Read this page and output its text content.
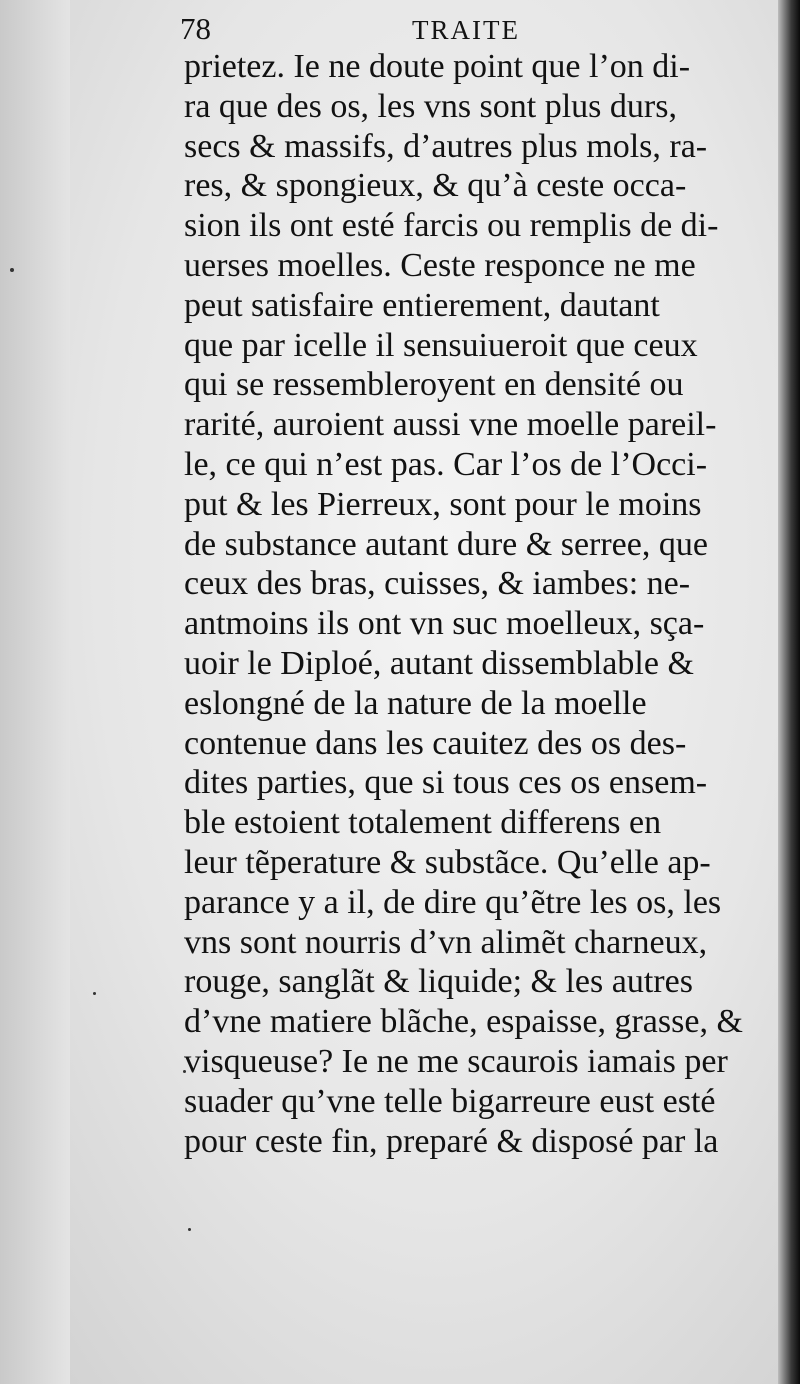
78	TRAITE
prietez. Ie ne doute point que l’on di-
ra que des os, les vns sont plus durs,
secs & massifs, d’autres plus mols, ra-
res, & spongieux, & qu’à ceste occa-
sion ils ont esté farcis ou remplis de di-
uerses moelles. Ceste responce ne me
peut satisfaire entierement, dautant
que par icelle il sensuiueroit que ceux
qui se ressembleroyent en densité ou
rarité, auroient aussi vne moelle pareil-
le, ce qui n’est pas. Car l’os de l’Occi-
put & les Pierreux, sont pour le moins
de substance autant dure & serree, que
ceux des bras, cuisses, & iambes: ne-
antmoins ils ont vn suc moelleux, sça-
uoir le Diploé, autant dissemblable &
eslongné de la nature de la moelle
contenue dans les cauitez des os des-
dites parties, que si tous ces os ensem-
ble estoient totalement differens en
leur tẽperature & substãce. Qu’elle ap-
parance y a il, de dire qu’ẽtre les os, les
vns sont nourris d’vn alimẽt charneux,
rouge, sanglãt & liquide; & les autres
d’vne matiere blãche, espaisse, grasse, &
visqueuse? Ie ne me scaurois iamais per
suader qu’vne telle bigarreure eust esté
pour ceste fin, preparé & disposé par la
